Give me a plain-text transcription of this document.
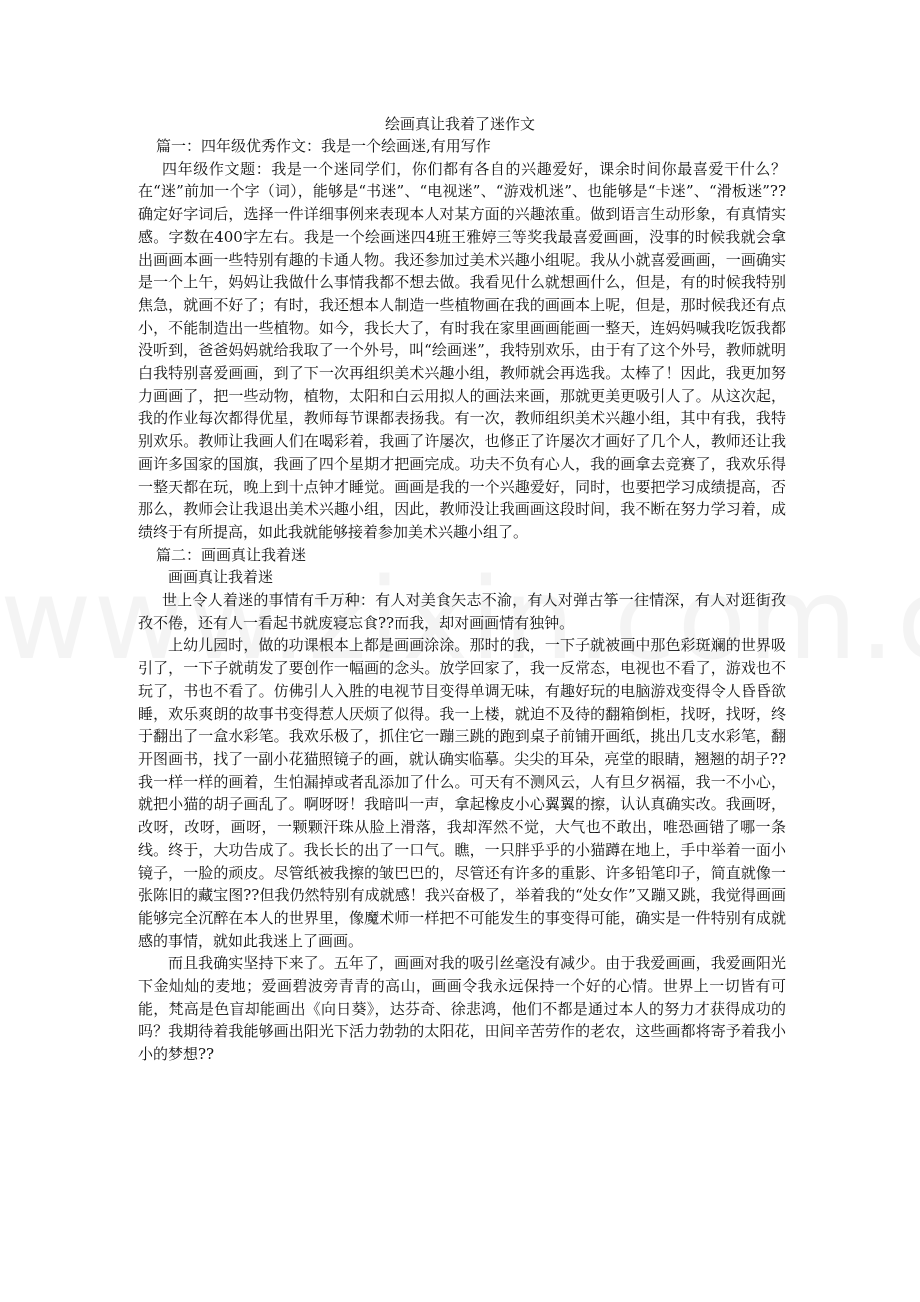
绘画真让我着了迷作文

篇一：四年级优秀作文：我是一个绘画迷,有用写作

四年级作文题：我是一个迷同学们，你们都有各自的兴趣爱好，课余时间你最喜爱干什么？在“迷”前加一个字（词），能够是“书迷”、“电视迷”、“游戏机迷”、也能够是“卡迷”、“滑板迷”??确定好字词后，选择一件详细事例来表现本人对某方面的兴趣浓重。做到语言生动形象，有真情实感。字数在400字左右。我是一个绘画迷四4班王雅婷三等奖我最喜爱画画，没事的时候我就会拿出画画本画一些特别有趣的卡通人物。我还参加过美术兴趣小组呢。我从小就喜爱画画，一画确实是一个上午，妈妈让我做什么事情我都不想去做。我看见什么就想画什么，但是，有的时候我特别焦急，就画不好了；有时，我还想本人制造一些植物画在我的画画本上呢，但是，那时候我还有点小，不能制造出一些植物。如今，我长大了，有时我在家里画画能画一整天，连妈妈喊我吃饭我都没听到，爸爸妈妈就给我取了一个外号，叫“绘画迷”，我特别欢乐，由于有了这个外号，教师就明白我特别喜爱画画，到了下一次再组织美术兴趣小组，教师就会再选我。太棒了！因此，我更加努力画画了，把一些动物，植物，太阳和白云用拟人的画法来画，那就更美更吸引人了。从这次起，我的作业每次都得优星，教师每节课都表扬我。有一次，教师组织美术兴趣小组，其中有我，我特别欢乐。教师让我画人们在喝彩着，我画了许屡次，也修正了许屡次才画好了几个人，教师还让我画许多国家的国旗，我画了四个星期才把画完成。功夫不负有心人，我的画拿去竞赛了，我欢乐得一整天都在玩，晚上到十点钟才睡觉。画画是我的一个兴趣爱好，同时，也要把学习成绩提高，否那么，教师会让我退出美术兴趣小组，因此，教师没让我画画这段时间，我不断在努力学习着，成绩终于有所提高，如此我就能够接着参加美术兴趣小组了。

篇二：画画真让我着迷

画画真让我着迷

世上令人着迷的事情有千万种：有人对美食矢志不渝，有人对弹古筝一往情深，有人对逛街孜孜不倦，还有人一看起书就废寝忘食??而我，却对画画情有独钟。

上幼儿园时，做的功课根本上都是画画涂涂。那时的我，一下子就被画中那色彩斑斓的世界吸引了，一下子就萌发了要创作一幅画的念头。放学回家了，我一反常态，电视也不看了，游戏也不玩了，书也不看了。仿佛引人入胜的电视节目变得单调无味，有趣好玩的电脑游戏变得令人昏昏欲睡，欢乐爽朗的故事书变得惹人厌烦了似得。我一上楼，就迫不及待的翻箱倒柜，找呀，找呀，终于翻出了一盒水彩笔。我欢乐极了，抓住它一蹦三跳的跑到桌子前铺开画纸，挑出几支水彩笔，翻开图画书，找了一副小花猫照镜子的画，就认确实临摹。尖尖的耳朵，亮堂的眼睛，翘翘的胡子??我一样一样的画着，生怕漏掉或者乱添加了什么。可天有不测风云，人有旦夕祸福，我一不小心，就把小猫的胡子画乱了。啊呀呀！我暗叫一声，拿起橡皮小心翼翼的擦，认认真确实改。我画呀，改呀，改呀，画呀，一颗颗汗珠从脸上滑落，我却浑然不觉，大气也不敢出，唯恐画错了哪一条线。终于，大功告成了。我长长的出了一口气。瞧，一只胖乎乎的小猫蹲在地上，手中举着一面小镜子，一脸的顽皮。尽管纸被我擦的皱巴巴的，尽管还有许多的重影、许多铅笔印子，简直就像一张陈旧的藏宝图??但我仍然特别有成就感！我兴奋极了，举着我的“处女作”又蹦又跳，我觉得画画能够完全沉醉在本人的世界里，像魔术师一样把不可能发生的事变得可能，确实是一件特别有成就感的事情，就如此我迷上了画画。

而且我确实坚持下来了。五年了，画画对我的吸引丝毫没有减少。由于我爱画画，我爱画阳光下金灿灿的麦地；爱画碧波旁青青的高山，画画令我永远保持一个好的心情。世界上一切皆有可能，梵高是色盲却能画出《向日葵》，达芬奇、徐悲鸿，他们不都是通过本人的努力才获得成功的吗？我期待着我能够画出阳光下活力勃勃的太阳花，田间辛苦劳作的老农，这些画都将寄予着我小小的梦想??
